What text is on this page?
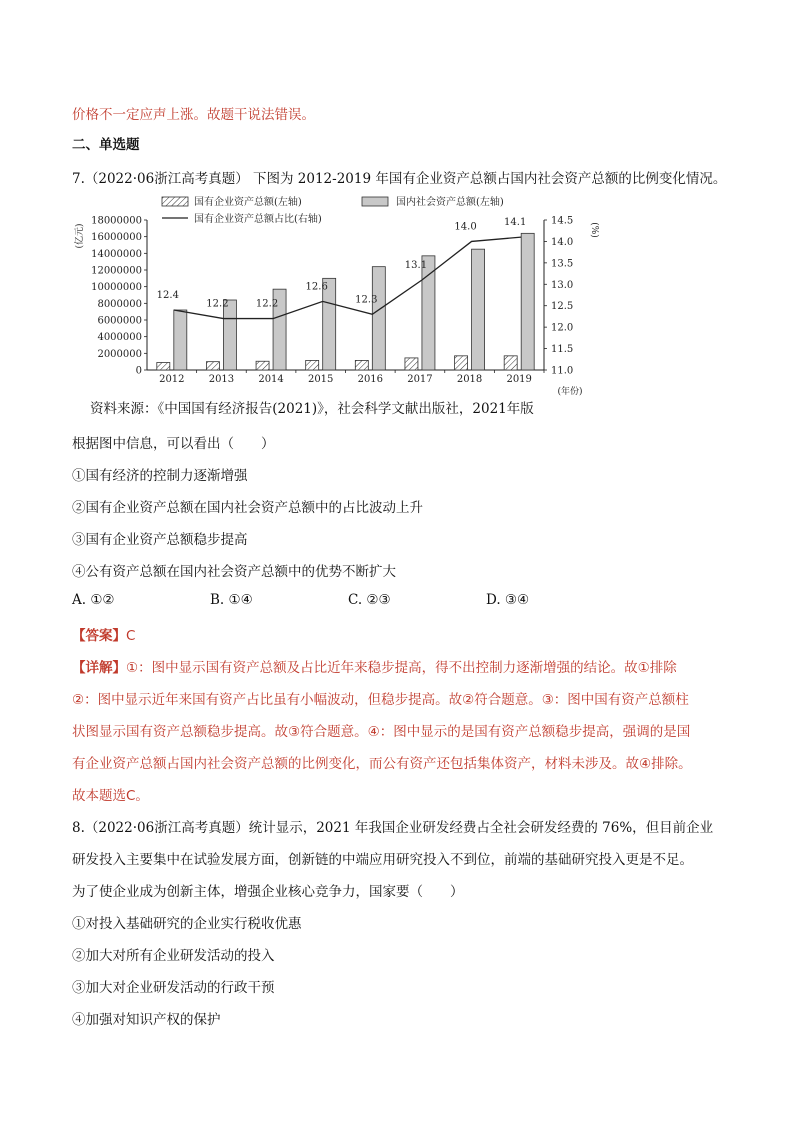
价格不一定应声上涨。故题干说法错误。
二、单选题
7.（2022·06浙江高考真题） 下图为 2012-2019 年国有企业资产总额占国内社会资产总额的比例变化情况。
国有企业资产总额(左轴)	国内社会资产总额(左轴)
国有企业资产总额占比(右轴)
0
2000000
4000000
6000000
8000000
10000000
12000000
14000000
16000000
18000000
(亿元)
11.0
11.5
12.0
12.5
13.0
13.5
14.0
14.5
(%)
2012 2013 2014 2015 2016 2017 2018 2019
(年份)
12.4
12.2	12.2
12.6
12.3
13.1
14.0	14.1
资料来源：《中国国有经济报告(2021)》，社会科学文献出版社，2021年版
根据图中信息，可以看出（　　）
①国有经济的控制力逐渐增强
②国有企业资产总额在国内社会资产总额中的占比波动上升
③国有企业资产总额稳步提高
④公有资产总额在国内社会资产总额中的优势不断扩大
A. ①②	B. ①④	C. ②③	D. ③④
【答案】C
【详解】①：图中显示国有资产总额及占比近年来稳步提高，得不出控制力逐渐增强的结论。故①排除
②：图中显示近年来国有资产占比虽有小幅波动，但稳步提高。故②符合题意。③：图中国有资产总额柱
状图显示国有资产总额稳步提高。故③符合题意。④：图中显示的是国有资产总额稳步提高，强调的是国
有企业资产总额占国内社会资产总额的比例变化，而公有资产还包括集体资产，材料未涉及。故④排除。
故本题选C。
8.（2022·06浙江高考真题）统计显示，2021 年我国企业研发经费占全社会研发经费的 76%，但目前企业
研发投入主要集中在试验发展方面，创新链的中端应用研究投入不到位，前端的基础研究投入更是不足。
为了使企业成为创新主体，增强企业核心竞争力，国家要（　　）
①对投入基础研究的企业实行税收优惠
②加大对所有企业研发活动的投入
③加大对企业研发活动的行政干预
④加强对知识产权的保护
